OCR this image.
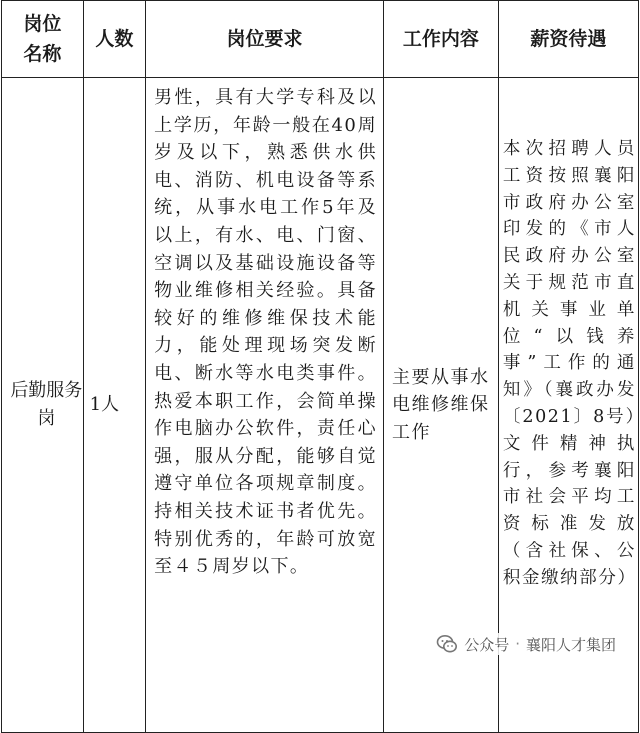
岗位
名称	人数	岗位要求	工作内容	薪资待遇
后勤服务岗	1人	男性，具有大学专科及以上学历，年龄一般在40周岁及以下，熟悉供水供电、消防、机电设备等系统，从事水电工作5年及以上，有水、电、门窗、空调以及基础设施设备等物业维修相关经验。具备较好的维修维保技术能力，能处理现场突发断电、断水等水电类事件。热爱本职工作，会简单操作电脑办公软件，责任心强，服从分配，能够自觉遵守单位各项规章制度。持相关技术证书者优先。特别优秀的，年龄可放宽至４５周岁以下。	主要从事水电维修维保工作	本次招聘人员工资按照襄阳市政府办公室印发的《市人民政府办公室关于规范市直机关事业单位“以钱养事”工作的通知》（襄政办发〔2021〕8号）文件精神执行，参考襄阳市社会平均工资标准发放（含社保、公积金缴纳部分）
公众号 · 襄阳人才集团
